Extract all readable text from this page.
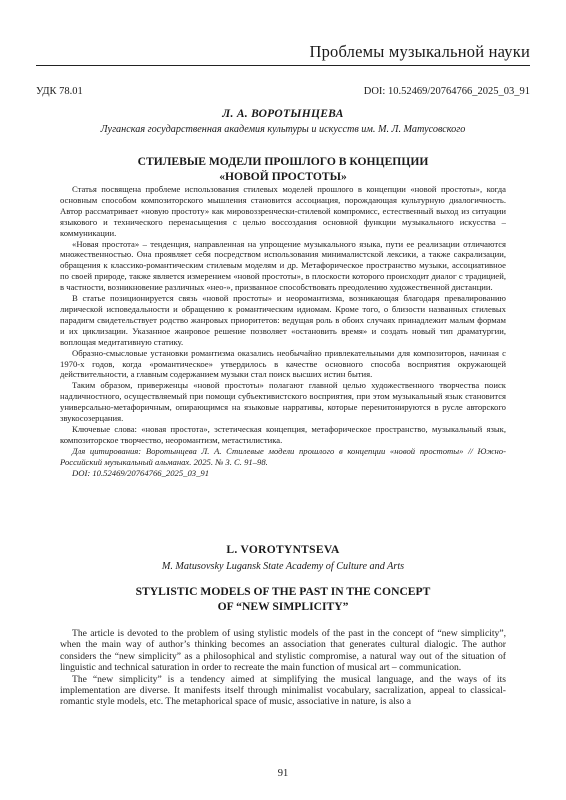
Проблемы музыкальной науки
УДК 78.01	DOI: 10.52469/20764766_2025_03_91
Л. А. ВОРОТЫНЦЕВА
Луганская государственная академия культуры и искусств им. М. Л. Матусовского
СТИЛЕВЫЕ МОДЕЛИ ПРОШЛОГО В КОНЦЕПЦИИ
«НОВОЙ ПРОСТОТЫ»

Статья посвящена проблеме использования стилевых моделей прошлого в концепции «новой простоты», когда основным способом композиторского мышления становится ассоциация, порождающая культурную диалогичность. Автор рассматривает «новую простоту» как мировоззренчески-стилевой компромисс, естественный выход из ситуации языкового и технического перенасыщения с целью воссоздания основной функции музыкального искусства – коммуникации.

«Новая простота» – тенденция, направленная на упрощение музыкального языка, пути ее реализации отличаются множественностью. Она проявляет себя посредством использования минималистской лексики, а также сакрализации, обращения к классико-романтическим стилевым моделям и др. Метафорическое пространство музыки, ассоциативное по своей природе, также является измерением «новой простоты», в плоскости которого происходит диалог с традицией, в частности, возникновение различных «нео-», призванное способствовать преодолению художественной дистанции.

В статье позиционируется связь «новой простоты» и неоромантизма, возникающая благодаря превалированию лирической исповедальности и обращению к романтическим идиомам. Кроме того, о близости названных стилевых парадигм свидетельствует родство жанровых приоритетов: ведущая роль в обоих случаях принадлежит малым формам и их циклизации. Указанное жанровое решение позволяет «остановить время» и создать новый тип драматургии, воплощая медитативную статику.

Образно-смысловые установки романтизма оказались необычайно привлекательными для композиторов, начиная с 1970-х годов, когда «романтическое» утвердилось в качестве основного способа восприятия окружающей действительности, а главным содержанием музыки стал поиск высших истин бытия.

Таким образом, приверженцы «новой простоты» полагают главной целью художественного творчества поиск надличностного, осуществляемый при помощи субъективистского восприятия, при этом музыкальный язык становится универсально-метафоричным, опирающимся на языковые нарративы, которые перенитонируются в русле авторского звукосозерцания.

Ключевые слова: «новая простота», эстетическая концепция, метафорическое пространство, музыкальный язык, композиторское творчество, неоромантизм, метастилистика.

Для цитирования: Воротынцева Л. А. Стилевые модели прошлого в концепции «новой простоты» // Южно-Российский музыкальный альманах. 2025. № 3. С. 91–98.

DOI: 10.52469/20764766_2025_03_91

L. VOROTYNTSEVA
M. Matusovsky Lugansk State Academy of Culture and Arts
STYLISTIC MODELS OF THE PAST IN THE CONCEPT
OF “NEW SIMPLICITY”

The article is devoted to the problem of using stylistic models of the past in the concept of “new simplicity”, when the main way of author’s thinking becomes an association that generates cultural dialogic. The author considers the “new simplicity” as a philosophical and stylistic compromise, a natural way out of the situation of linguistic and technical saturation in order to recreate the main function of musical art – communication.

The “new simplicity” is a tendency aimed at simplifying the musical language, and the ways of its implementation are diverse. It manifests itself through minimalist vocabulary, sacralization, appeal to classical-romantic style models, etc. The metaphorical space of music, associative in nature, is also a

91
